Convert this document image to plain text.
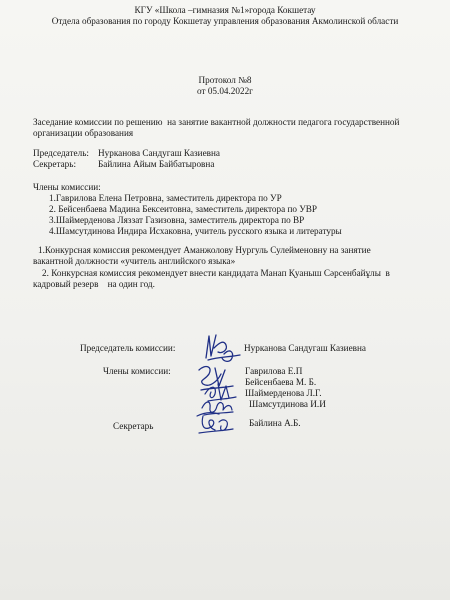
КГУ «Школа –гимназия №1»города Кокшетау
Отдела образования по городу Кокшетау управления образования Акмолинской области
Протокол №8
от 05.04.2022г
Заседание комиссии по решению  на занятие вакантной должности педагога государственной
организации образования
Председатель: Нурканова Сандугаш Казиевна
Секретарь: Байлина Айым Байбатыровна
Члены комиссии:
1.Гаврилова Елена Петровна, заместитель директора по УР
2. Бейсенбаева Мадина Бексеитовна, заместитель директора по УВР
3.Шаймерденова Ляззат Газизовна, заместитель директора по ВР
4.Шамсутдинова Индира Исхаковна, учитель русского языка и литературы
1.Конкурсная комиссия рекомендует Аманжолову Нургуль Сулейменовну на занятие
вакантной должности «учитель английского языка»
2. Конкурсная комиссия рекомендует внести кандидата Манап Қуаныш Сәрсенбайұлы  в
кадровый резерв    на один год.
Председатель комиссии:	Нурканова Сандугаш Казиевна
Члены комиссии:	Гаврилова Е.П
Бейсенбаева М. Б.
Шаймерденова Л.Г.
Шамсутдинова И.И
Секретарь	Байлина А.Б.
